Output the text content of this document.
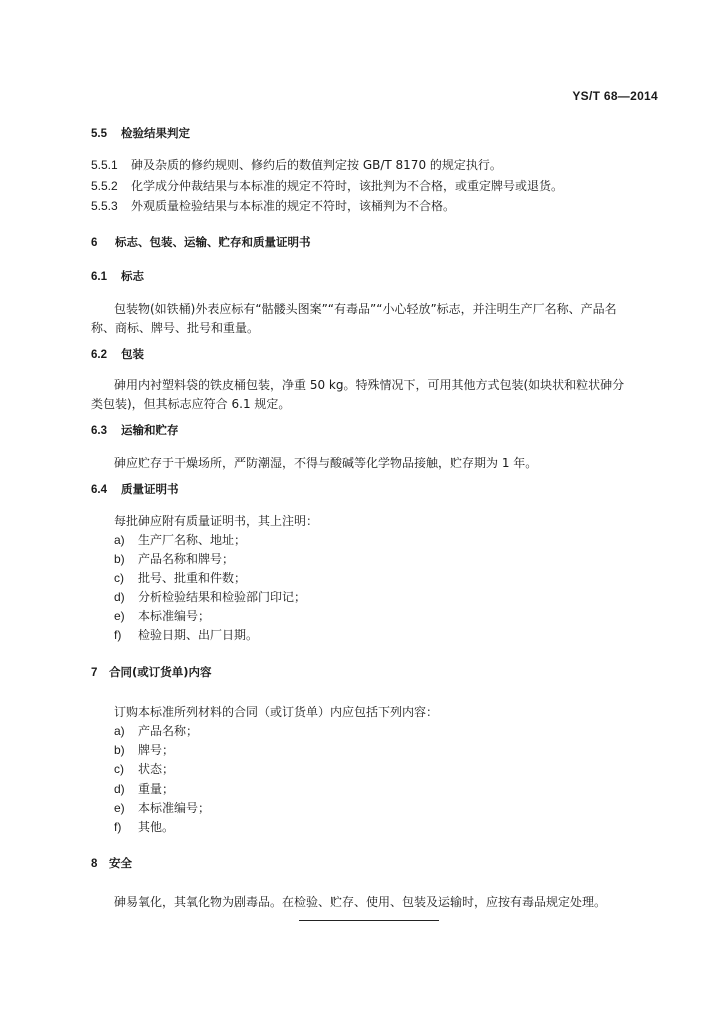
YS/T 68—2014
5.5 检验结果判定
5.5.1 砷及杂质的修约规则、修约后的数值判定按 GB/T 8170 的规定执行。
5.5.2 化学成分仲裁结果与本标准的规定不符时，该批判为不合格，或重定牌号或退货。
5.5.3 外观质量检验结果与本标准的规定不符时，该桶判为不合格。
6 标志、包装、运输、贮存和质量证明书
6.1 标志
包装物(如铁桶)外表应标有“骷髅头图案”“有毒品”“小心轻放”标志，并注明生产厂名称、产品名
称、商标、牌号、批号和重量。
6.2 包装
砷用内衬塑料袋的铁皮桶包装，净重 50 kg。特殊情况下，可用其他方式包装(如块状和粒状砷分
类包装)，但其标志应符合 6.1 规定。
6.3 运输和贮存
砷应贮存于干燥场所，严防潮湿，不得与酸碱等化学物品接触，贮存期为 1 年。
6.4 质量证明书
每批砷应附有质量证明书，其上注明：
a) 生产厂名称、地址；
b) 产品名称和牌号；
c) 批号、批重和件数；
d) 分析检验结果和检验部门印记；
e) 本标准编号；
f) 检验日期、出厂日期。
7 合同(或订货单)内容
订购本标准所列材料的合同（或订货单）内应包括下列内容：
a) 产品名称；
b) 牌号；
c) 状态；
d) 重量；
e) 本标准编号；
f) 其他。
8 安全
砷易氧化，其氧化物为剧毒品。在检验、贮存、使用、包装及运输时，应按有毒品规定处理。
